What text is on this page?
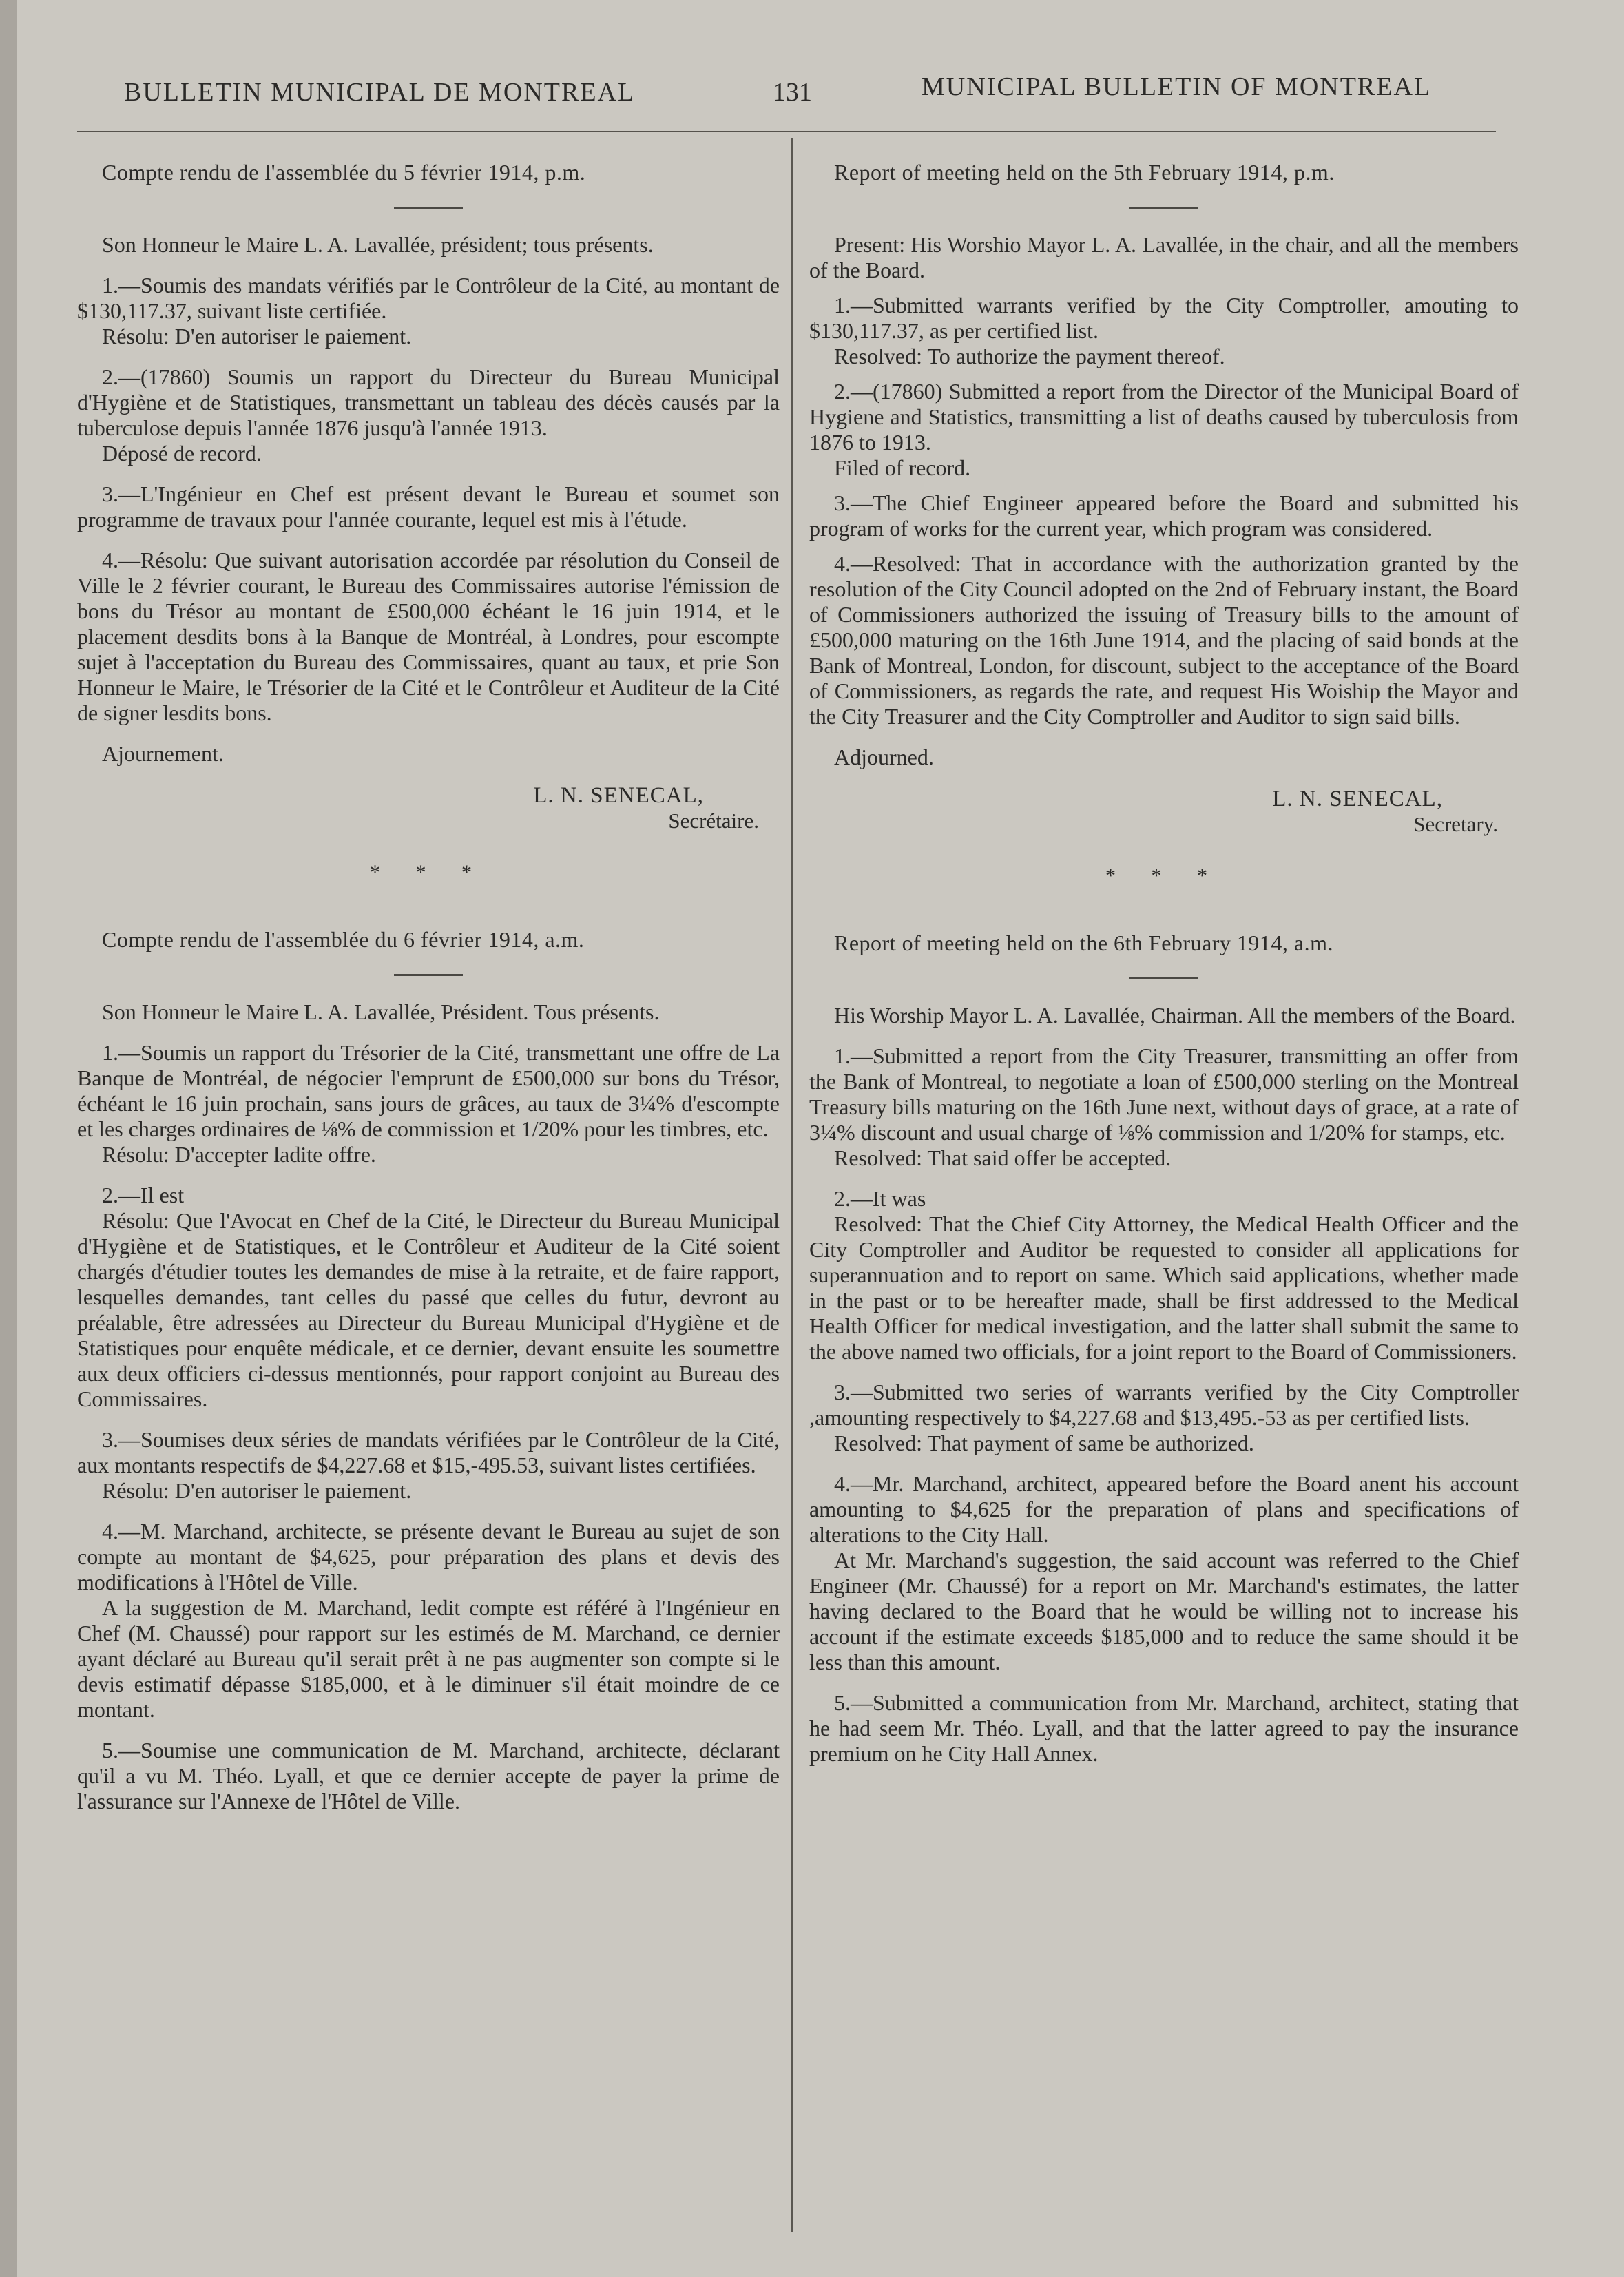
BULLETIN MUNICIPAL DE MONTREAL	131	MUNICIPAL BULLETIN OF MONTREAL
Compte rendu de l'assemblée du 5 février 1914, p.m.

Son Honneur le Maire L. A. Lavallée, président; tous présents.

1.—Soumis des mandats vérifiés par le Contrôleur de la Cité, au montant de $130,117.37, suivant liste certifiée.

Résolu: D'en autoriser le paiement.

2.—(17860) Soumis un rapport du Directeur du Bureau Municipal d'Hygiène et de Statistiques, transmettant un tableau des décès causés par la tuberculose depuis l'année 1876 jusqu'à l'année 1913.

Déposé de record.

3.—L'Ingénieur en Chef est présent devant le Bureau et soumet son programme de travaux pour l'année courante, lequel est mis à l'étude.

4.—Résolu: Que suivant autorisation accordée par résolution du Conseil de Ville le 2 février courant, le Bureau des Commissaires autorise l'émission de bons du Trésor au montant de £500,000 échéant le 16 juin 1914, et le placement desdits bons à la Banque de Montréal, à Londres, pour escompte sujet à l'acceptation du Bureau des Commissaires, quant au taux, et prie Son Honneur le Maire, le Trésorier de la Cité et le Contrôleur et Auditeur de la Cité de signer lesdits bons.

Ajournement.

L. N. SENECAL,
Secrétaire.
* * *
Compte rendu de l'assemblée du 6 février 1914, a.m.

Son Honneur le Maire L. A. Lavallée, Président. Tous présents.

1.—Soumis un rapport du Trésorier de la Cité, transmettant une offre de La Banque de Montréal, de négocier l'emprunt de £500,000 sur bons du Trésor, échéant le 16 juin prochain, sans jours de grâces, au taux de 3¼% d'escompte et les charges ordinaires de ⅛% de commission et 1/20% pour les timbres, etc.

Résolu: D'accepter ladite offre.

2.—Il est

Résolu: Que l'Avocat en Chef de la Cité, le Directeur du Bureau Municipal d'Hygiène et de Statistiques, et le Contrôleur et Auditeur de la Cité soient chargés d'étudier toutes les demandes de mise à la retraite, et de faire rapport, lesquelles demandes, tant celles du passé que celles du futur, devront au préalable, être adressées au Directeur du Bureau Municipal d'Hygiène et de Statistiques pour enquête médicale, et ce dernier, devant ensuite les soumettre aux deux officiers ci-dessus mentionnés, pour rapport conjoint au Bureau des Commissaires.

3.—Soumises deux séries de mandats vérifiées par le Contrôleur de la Cité, aux montants respectifs de $4,227.68 et $15,-495.53, suivant listes certifiées.

Résolu: D'en autoriser le paiement.

4.—M. Marchand, architecte, se présente devant le Bureau au sujet de son compte au montant de $4,625, pour préparation des plans et devis des modifications à l'Hôtel de Ville.

A la suggestion de M. Marchand, ledit compte est référé à l'Ingénieur en Chef (M. Chaussé) pour rapport sur les estimés de M. Marchand, ce dernier ayant déclaré au Bureau qu'il serait prêt à ne pas augmenter son compte si le devis estimatif dépasse $185,000, et à le diminuer s'il était moindre de ce montant.

5.—Soumise une communication de M. Marchand, architecte, déclarant qu'il a vu M. Théo. Lyall, et que ce dernier accepte de payer la prime de l'assurance sur l'Annexe de l'Hôtel de Ville.

Report of meeting held on the 5th February 1914, p.m.

Present: His Worshio Mayor L. A. Lavallée, in the chair, and all the members of the Board.

1.—Submitted warrants verified by the City Comptroller, amouting to $130,117.37, as per certified list.

Resolved: To authorize the payment thereof.

2.—(17860) Submitted a report from the Director of the Municipal Board of Hygiene and Statistics, transmitting a list of deaths caused by tuberculosis from 1876 to 1913.

Filed of record.

3.—The Chief Engineer appeared before the Board and submitted his program of works for the current year, which program was considered.

4.—Resolved: That in accordance with the authorization granted by the resolution of the City Council adopted on the 2nd of February instant, the Board of Commissioners authorized the issuing of Treasury bills to the amount of £500,000 maturing on the 16th June 1914, and the placing of said bonds at the Bank of Montreal, London, for discount, subject to the acceptance of the Board of Commissioners, as regards the rate, and request His Woiship the Mayor and the City Treasurer and the City Comptroller and Auditor to sign said bills.

Adjourned.

L. N. SENECAL,
Secretary.
* * *
Report of meeting held on the 6th February 1914, a.m.

His Worship Mayor L. A. Lavallée, Chairman. All the members of the Board.

1.—Submitted a report from the City Treasurer, transmitting an offer from the Bank of Montreal, to negotiate a loan of £500,000 sterling on the Montreal Treasury bills maturing on the 16th June next, without days of grace, at a rate of 3¼% discount and usual charge of ⅛% commission and 1/20% for stamps, etc.

Resolved: That said offer be accepted.

2.—It was

Resolved: That the Chief City Attorney, the Medical Health Officer and the City Comptroller and Auditor be requested to consider all applications for superannuation and to report on same. Which said applications, whether made in the past or to be hereafter made, shall be first addressed to the Medical Health Officer for medical investigation, and the latter shall submit the same to the above named two officials, for a joint report to the Board of Commissioners.

3.—Submitted two series of warrants verified by the City Comptroller ,amounting respectively to $4,227.68 and $13,495.-53 as per certified lists.

Resolved: That payment of same be authorized.

4.—Mr. Marchand, architect, appeared before the Board anent his account amounting to $4,625 for the preparation of plans and specifications of alterations to the City Hall.

At Mr. Marchand's suggestion, the said account was referred to the Chief Engineer (Mr. Chaussé) for a report on Mr. Marchand's estimates, the latter having declared to the Board that he would be willing not to increase his account if the estimate exceeds $185,000 and to reduce the same should it be less than this amount.

5.—Submitted a communication from Mr. Marchand, architect, stating that he had seem Mr. Théo. Lyall, and that the latter agreed to pay the insurance premium on he City Hall Annex.
